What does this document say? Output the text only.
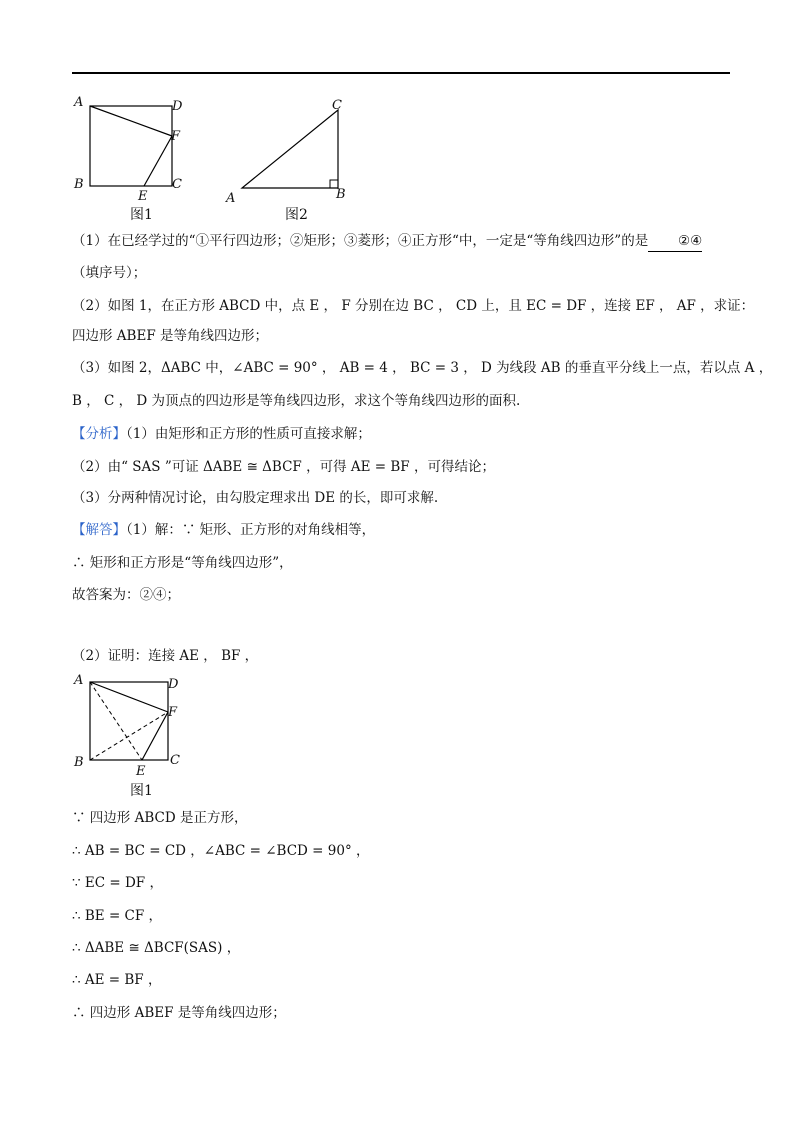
A	D
F
B	C
E
图1
C
A	B
图2
（1）在已经学过的“①平行四边形；②矩形；③菱形；④正方形“中，一定是“等角线四边形”的是 ②④
（填序号）；
（2）如图 1，在正方形 ABCD 中，点 E ， F 分别在边 BC ， CD 上，且 EC = DF ，连接 EF ， AF ，求证：
四边形 ABEF 是等角线四边形；
（3）如图 2，ΔABC 中，∠ABC = 90° ， AB = 4 ， BC = 3 ， D 为线段 AB 的垂直平分线上一点，若以点 A ，
B ， C ， D 为顶点的四边形是等角线四边形，求这个等角线四边形的面积.
【分析】（1）由矩形和正方形的性质可直接求解；
（2）由“ SAS ”可证 ΔABE ≅ ΔBCF ，可得 AE = BF ，可得结论；
（3）分两种情况讨论，由勾股定理求出 DE 的长，即可求解.
【解答】（1）解：∵ 矩形、正方形的对角线相等，
∴ 矩形和正方形是“等角线四边形”，
故答案为：②④；
（2）证明：连接 AE ， BF ，
A	D
F
B	C
E
图1
∵ 四边形 ABCD 是正方形，
∴ AB = BC = CD ，∠ABC = ∠BCD = 90° ，
∵ EC = DF ，
∴ BE = CF ，
∴ ΔABE ≅ ΔBCF(SAS) ，
∴ AE = BF ，
∴ 四边形 ABEF 是等角线四边形；
